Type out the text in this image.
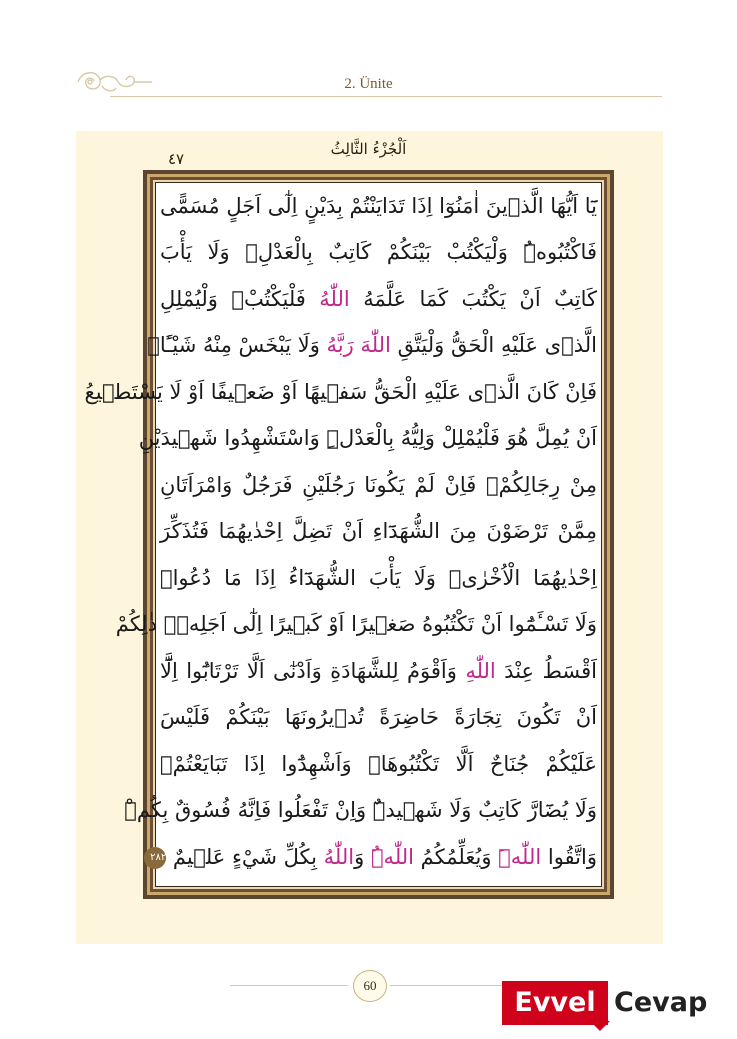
2. Ünite
اَلْجُزْءُ الثَّالِثُ
٤٧
يَٓا اَيُّهَا الَّذٖينَ اٰمَنُوٓا اِذَا تَدَايَنْتُمْ بِدَيْنٍ اِلٰٓى اَجَلٍ مُسَمًّى
فَاكْتُبُوهُۜ وَلْيَكْتُبْ بَيْنَكُمْ كَاتِبٌ بِالْعَدْلِۖ وَلَا يَأْبَ
كَاتِبٌ اَنْ يَكْتُبَ كَمَا عَلَّمَهُ اللّٰهُ فَلْيَكْتُبْۚ وَلْيُمْلِلِ
الَّذٖى عَلَيْهِ الْحَقُّ وَلْيَتَّقِ اللّٰهَ رَبَّهُ وَلَا يَبْخَسْ مِنْهُ شَيْـًٔاۜ
فَاِنْ كَانَ الَّذٖى عَلَيْهِ الْحَقُّ سَفٖيهًا اَوْ ضَعٖيفًا اَوْ لَا يَسْتَطٖيعُ
اَنْ يُمِلَّ هُوَ فَلْيُمْلِلْ وَلِيُّهُ بِالْعَدْلِۜ وَاسْتَشْهِدُوا شَهٖيدَيْنِ
مِنْ رِجَالِكُمْۚ فَاِنْ لَمْ يَكُونَا رَجُلَيْنِ فَرَجُلٌ وَامْرَاَتَانِ
مِمَّنْ تَرْضَوْنَ مِنَ الشُّهَدَٓاءِ اَنْ تَضِلَّ اِحْدٰيهُمَا فَتُذَكِّرَ
اِحْدٰيهُمَا الْاُخْرٰىۜ وَلَا يَأْبَ الشُّهَدَٓاءُ اِذَا مَا دُعُواۜ
وَلَا تَسْـَٔمُٓوا اَنْ تَكْتُبُوهُ صَغٖيرًا اَوْ كَبٖيرًا اِلٰٓى اَجَلِهٖۜ ذٰلِكُمْ
اَقْسَطُ عِنْدَ اللّٰهِ وَاَقْوَمُ لِلشَّهَادَةِ وَاَدْنٰٓى اَلَّا تَرْتَابُٓوا اِلَّٓا
اَنْ تَكُونَ تِجَارَةً حَاضِرَةً تُدٖيرُونَهَا بَيْنَكُمْ فَلَيْسَ
عَلَيْكُمْ جُنَاحٌ اَلَّا تَكْتُبُوهَاۜ وَاَشْهِدُٓوا اِذَا تَبَايَعْتُمْۖ
وَلَا يُضَٓارَّ كَاتِبٌ وَلَا شَهٖيدٌۜ وَاِنْ تَفْعَلُوا فَاِنَّهُ فُسُوقٌ بِكُمْۜ
وَاتَّقُوا اللّٰهَۜ وَيُعَلِّمُكُمُ اللّٰهُۜ وَاللّٰهُ بِكُلِّ شَيْءٍ عَلٖيمٌ ٢٨٢
60
Evvel Cevap
